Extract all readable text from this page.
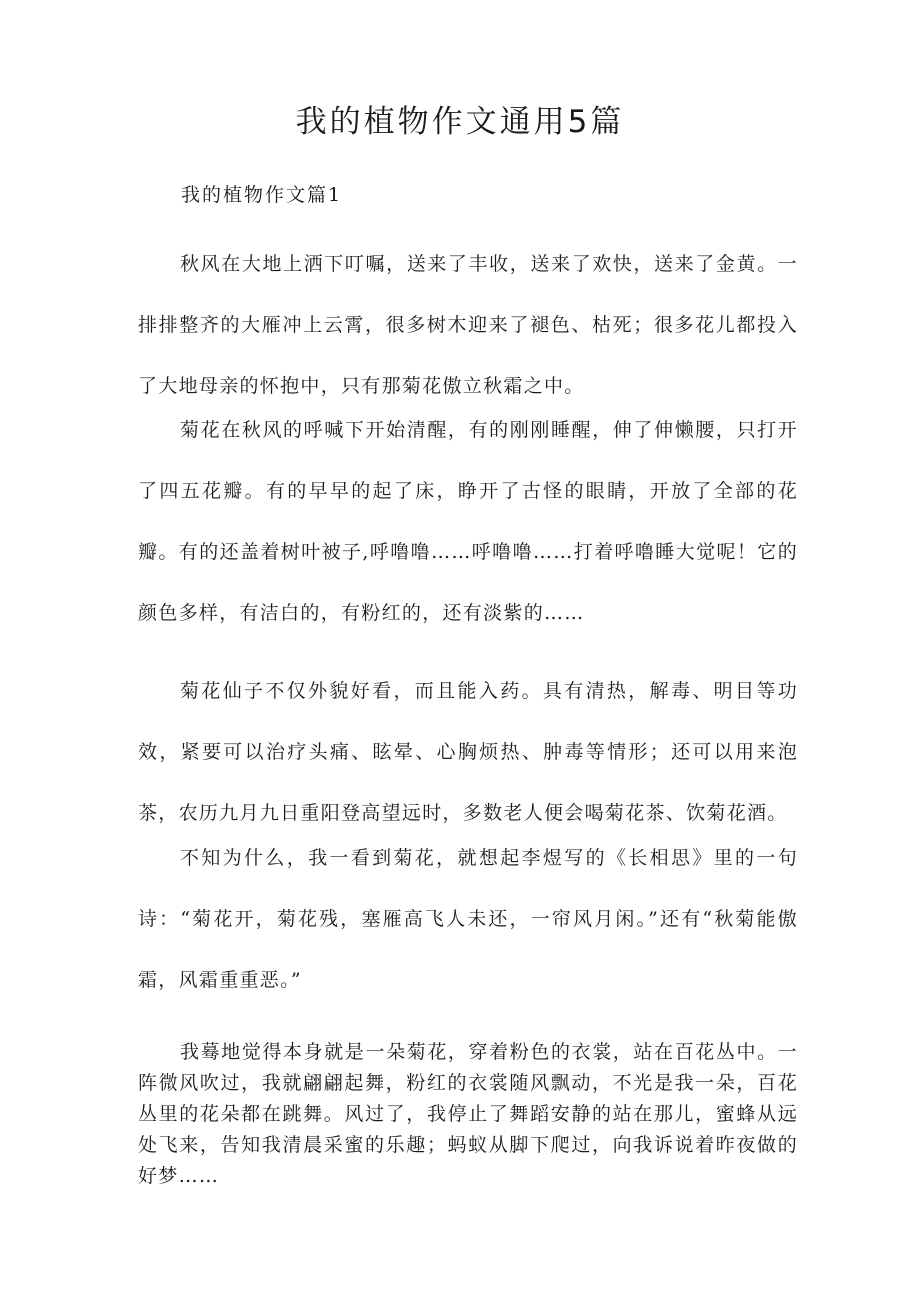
我的植物作文通用5篇
我的植物作文篇1

秋风在大地上洒下叮嘱，送来了丰收，送来了欢快，送来了金黄。一排排整齐的大雁冲上云霄，很多树木迎来了褪色、枯死；很多花儿都投入了大地母亲的怀抱中，只有那菊花傲立秋霜之中。

菊花在秋风的呼喊下开始清醒，有的刚刚睡醒，伸了伸懒腰，只打开了四五花瓣。有的早早的起了床，睁开了古怪的眼睛，开放了全部的花瓣。有的还盖着树叶被子,呼噜噜……呼噜噜……打着呼噜睡大觉呢！它的颜色多样，有洁白的，有粉红的，还有淡紫的……

菊花仙子不仅外貌好看，而且能入药。具有清热，解毒、明目等功效，紧要可以治疗头痛、眩晕、心胸烦热、肿毒等情形；还可以用来泡茶，农历九月九日重阳登高望远时，多数老人便会喝菊花茶、饮菊花酒。

不知为什么，我一看到菊花，就想起李煜写的《长相思》里的一句诗：“菊花开，菊花残，塞雁高飞人未还，一帘风月闲。”还有“秋菊能傲霜，风霜重重恶。”

我蓦地觉得本身就是一朵菊花，穿着粉色的衣裳，站在百花丛中。一阵微风吹过，我就翩翩起舞，粉红的衣裳随风飘动，不光是我一朵，百花丛里的花朵都在跳舞。风过了，我停止了舞蹈安静的站在那儿，蜜蜂从远处飞来，告知我清晨采蜜的乐趣；蚂蚁从脚下爬过，向我诉说着昨夜做的好梦……
